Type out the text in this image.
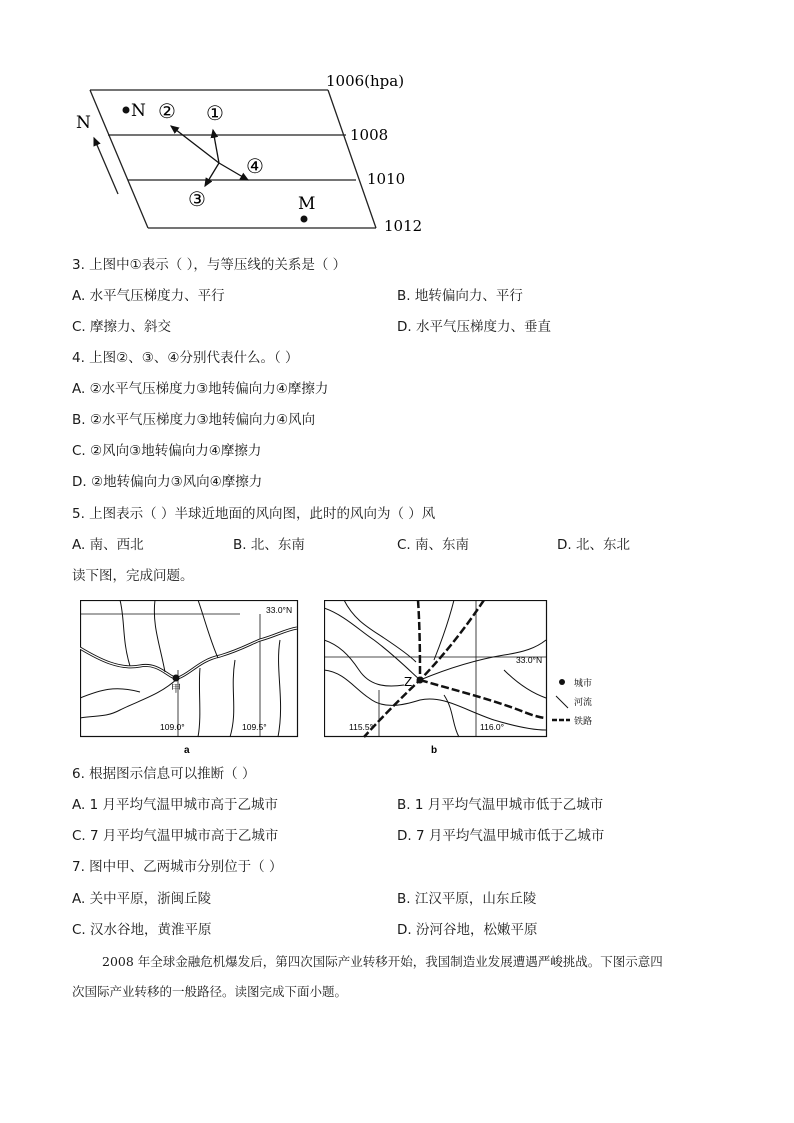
1006(hpa)
1008
1010
1012
N
N
M
② ①
④
③
3. 上图中①表示（ ），与等压线的关系是（ ）
A. 水平气压梯度力、平行	B. 地转偏向力、平行
C. 摩擦力、斜交	D. 水平气压梯度力、垂直
4. 上图②、③、④分别代表什么。（ ）
A. ②水平气压梯度力③地转偏向力④摩擦力
B. ②水平气压梯度力③地转偏向力④风向
C. ②风向③地转偏向力④摩擦力
D. ②地转偏向力③风向④摩擦力
5. 上图表示（ ）半球近地面的风向图，此时的风向为（ ）风
A. 南、西北	B. 北、东南	C. 南、东南	D. 北、东北
读下图，完成问题。
33.0°N
109.0°	109.5°
甲
a
33.0°N
115.5°	116.0°
Z
b
城市
河流
铁路
6. 根据图示信息可以推断（ ）
A. 1 月平均气温甲城市高于乙城市	B. 1 月平均气温甲城市低于乙城市
C. 7 月平均气温甲城市高于乙城市	D. 7 月平均气温甲城市低于乙城市
7. 图中甲、乙两城市分别位于（ ）
A. 关中平原，浙闽丘陵	B. 江汉平原，山东丘陵
C. 汉水谷地，黄淮平原	D. 汾河谷地，松嫩平原
2008 年全球金融危机爆发后，第四次国际产业转移开始，我国制造业发展遭遇严峻挑战。下图示意四
次国际产业转移的一般路径。读图完成下面小题。
